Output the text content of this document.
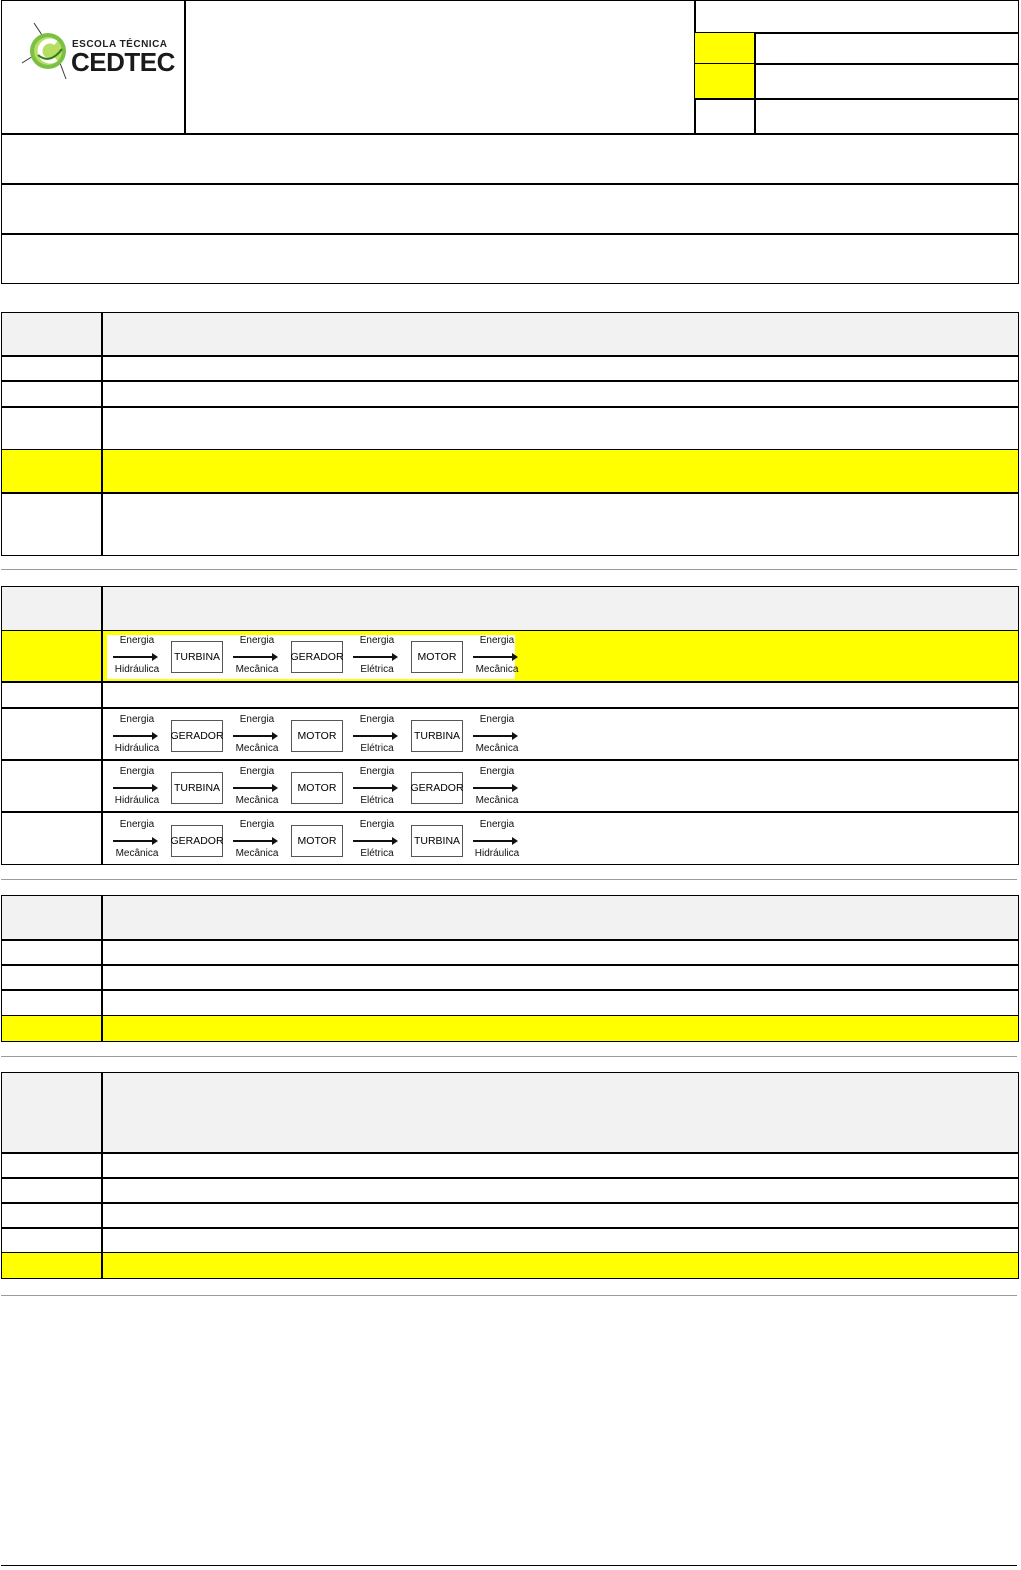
ESCOLA TÉCNICA
CEDTEC
Energia
Hidráulica
TURBINA
Energia
Mecânica
GERADOR
Energia
Elétrica
MOTOR
Energia
Mecânica
Energia
Hidráulica
GERADOR
Energia
Mecânica
MOTOR
Energia
Elétrica
TURBINA
Energia
Mecânica
Energia
Hidráulica
TURBINA
Energia
Mecânica
MOTOR
Energia
Elétrica
GERADOR
Energia
Mecânica
Energia
Mecânica
GERADOR
Energia
Mecânica
MOTOR
Energia
Elétrica
TURBINA
Energia
Hidráulica
